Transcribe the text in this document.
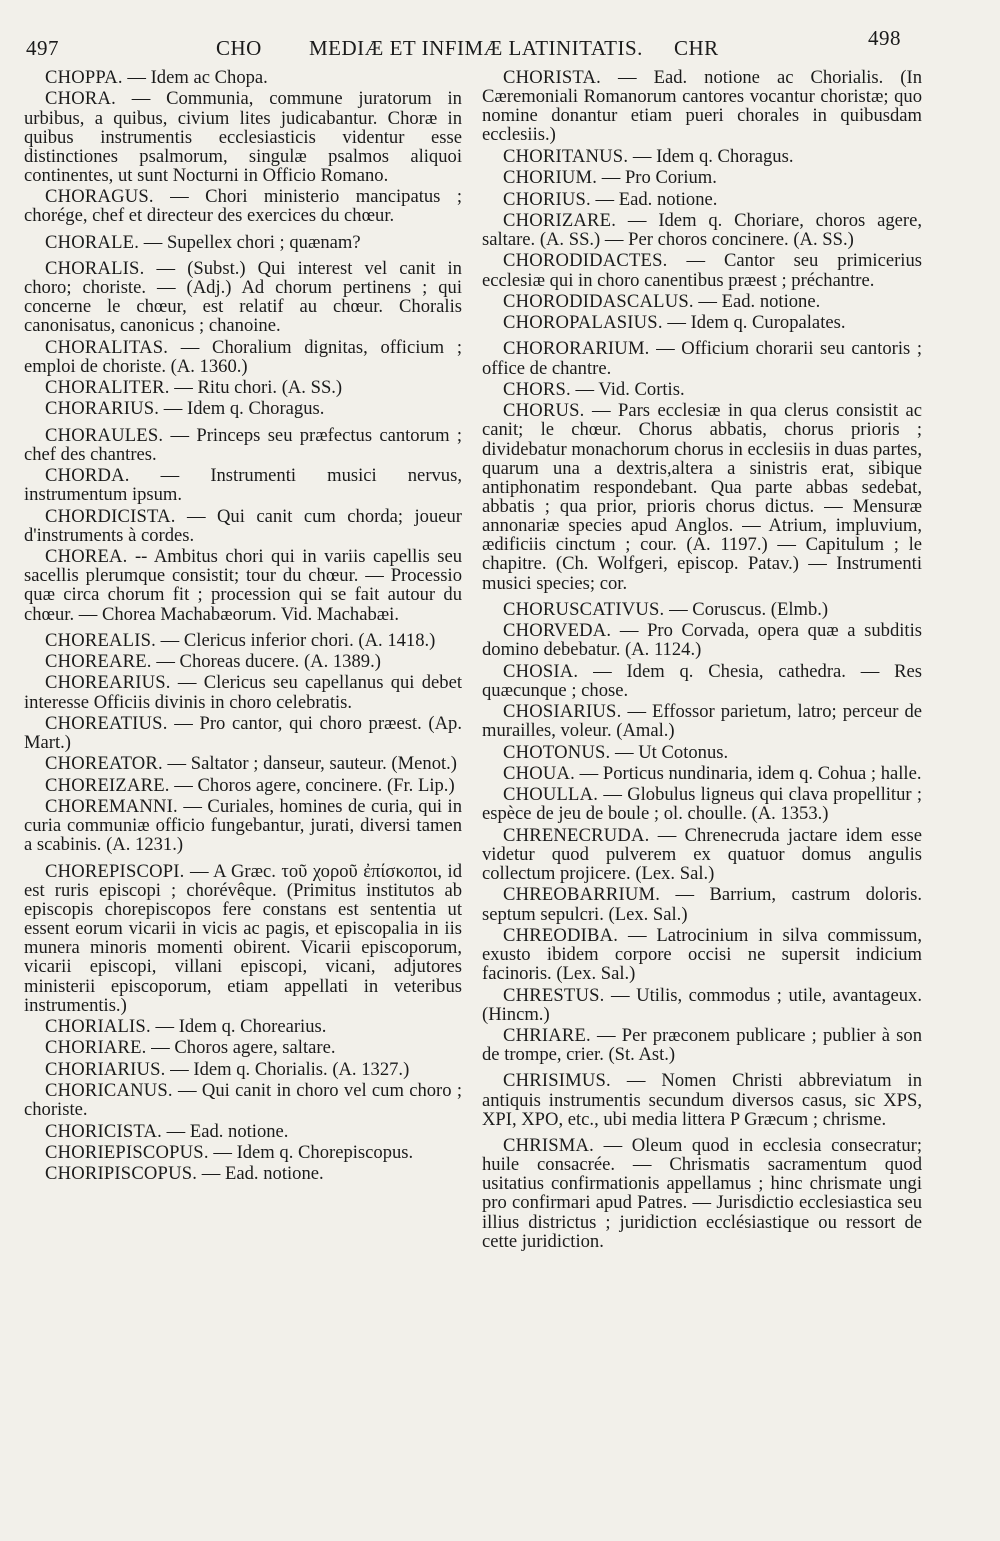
497	CHO MEDIÆ ET INFIMÆ LATINITATIS. CHR	498

CHOPPA. — Idem ac Chopa.

CHORA. — Communia, commune juratorum in urbibus, a quibus, civium lites judicabantur. Choræ in quibus instrumentis ecclesiasticis videntur esse distinctiones psalmorum, singulæ psalmos aliquoi continentes, ut sunt Nocturni in Officio Romano.

CHORAGUS. — Chori ministerio mancipatus ; chorége, chef et directeur des exercices du chœur.

CHORALE. — Supellex chori ; quænam?

CHORALIS. — (Subst.) Qui interest vel canit in choro; choriste. — (Adj.) Ad chorum pertinens ; qui concerne le chœur, est relatif au chœur. Choralis canonisatus, canonicus ; chanoine.

CHORALITAS. — Choralium dignitas, officium ; emploi de choriste. (A. 1360.)

CHORALITER. — Ritu chori. (A. SS.)

CHORARIUS. — Idem q. Choragus.

CHORAULES. — Princeps seu præfectus cantorum ; chef des chantres.

CHORDA. — Instrumenti musici nervus, instrumentum ipsum.

CHORDICISTA. — Qui canit cum chorda; joueur d'instruments à cordes.

CHOREA. -- Ambitus chori qui in variis capellis seu sacellis plerumque consistit; tour du chœur. — Processio quæ circa chorum fit ; procession qui se fait autour du chœur. — Chorea Machabæorum. Vid. Machabæi.

CHOREALIS. — Clericus inferior chori. (A. 1418.)

CHOREARE. — Choreas ducere. (A. 1389.)

CHOREARIUS. — Clericus seu capellanus qui debet interesse Officiis divinis in choro celebratis.

CHOREATIUS. — Pro cantor, qui choro præest. (Ap. Mart.)

CHOREATOR. — Saltator ; danseur, sauteur. (Menot.)

CHOREIZARE. — Choros agere, concinere. (Fr. Lip.)

CHOREMANNI. — Curiales, homines de curia, qui in curia communiæ officio fungebantur, jurati, diversi tamen a scabinis. (A. 1231.)

CHOREPISCOPI. — A Græc. τοῦ χοροῦ ἐπίσκοποι, id est ruris episcopi ; chorévêque. (Primitus institutos ab episcopis chorepiscopos fere constans est sententia ut essent eorum vicarii in vicis ac pagis, et episcopalia in iis munera minoris momenti obirent. Vicarii episcoporum, vicarii episcopi, villani episcopi, vicani, adjutores ministerii episcoporum, etiam appellati in veteribus instrumentis.)

CHORIALIS. — Idem q. Chorearius.

CHORIARE. — Choros agere, saltare.

CHORIARIUS. — Idem q. Chorialis. (A. 1327.)

CHORICANUS. — Qui canit in choro vel cum choro ; choriste.

CHORICISTA. — Ead. notione.

CHORIEPISCOPUS. — Idem q. Chorepiscopus.

CHORIPISCOPUS. — Ead. notione.

CHORISTA. — Ead. notione ac Chorialis. (In Cæremoniali Romanorum cantores vocantur choristæ; quo nomine donantur etiam pueri chorales in quibusdam ecclesiis.)

CHORITANUS. — Idem q. Choragus.

CHORIUM. — Pro Corium.

CHORIUS. — Ead. notione.

CHORIZARE. — Idem q. Choriare, choros agere, saltare. (A. SS.) — Per choros concinere. (A. SS.)

CHORODIDACTES. — Cantor seu primicerius ecclesiæ qui in choro canentibus præest ; préchantre.

CHORODIDASCALUS. — Ead. notione.

CHOROPALASIUS. — Idem q. Curopalates.

CHORORARIUM. — Officium chorarii seu cantoris ; office de chantre.

CHORS. — Vid. Cortis.

CHORUS. — Pars ecclesiæ in qua clerus consistit ac canit; le chœur. Chorus abbatis, chorus prioris ; dividebatur monachorum chorus in ecclesiis in duas partes, quarum una a dextris,altera a sinistris erat, sibique antiphonatim respondebant. Qua parte abbas sedebat, abbatis ; qua prior, prioris chorus dictus. — Mensuræ annonariæ species apud Anglos. — Atrium, impluvium, ædificiis cinctum ; cour. (A. 1197.) — Capitulum ; le chapitre. (Ch. Wolfgeri, episcop. Patav.) — Instrumenti musici species; cor.

CHORUSCATIVUS. — Coruscus. (Elmb.)

CHORVEDA. — Pro Corvada, opera quæ a subditis domino debebatur. (A. 1124.)

CHOSIA. — Idem q. Chesia, cathedra. — Res quæcunque ; chose.

CHOSIARIUS. — Effossor parietum, latro; perceur de murailles, voleur. (Amal.)

CHOTONUS. — Ut Cotonus.

CHOUA. — Porticus nundinaria, idem q. Cohua ; halle.

CHOULLA. — Globulus ligneus qui clava propellitur ; espèce de jeu de boule ; ol. choulle. (A. 1353.)

CHRENECRUDA. — Chrenecruda jactare idem esse videtur quod pulverem ex quatuor domus angulis collectum projicere. (Lex. Sal.)

CHREOBARRIUM. — Barrium, castrum doloris. septum sepulcri. (Lex. Sal.)

CHREODIBA. — Latrocinium in silva commissum, exusto ibidem corpore occisi ne supersit indicium facinoris. (Lex. Sal.)

CHRESTUS. — Utilis, commodus ; utile, avantageux. (Hincm.)

CHRIARE. — Per præconem publicare ; publier à son de trompe, crier. (St. Ast.)

CHRISIMUS. — Nomen Christi abbreviatum in antiquis instrumentis secundum diversos casus, sic XPS, XPI, XPO, etc., ubi media littera P Græcum ; chrisme.

CHRISMA. — Oleum quod in ecclesia consecratur; huile consacrée. — Chrismatis sacramentum quod usitatius confirmationis appellamus ; hinc chrismate ungi pro confirmari apud Patres. — Jurisdictio ecclesiastica seu illius districtus ; juridiction ecclésiastique ou ressort de cette juridiction.
